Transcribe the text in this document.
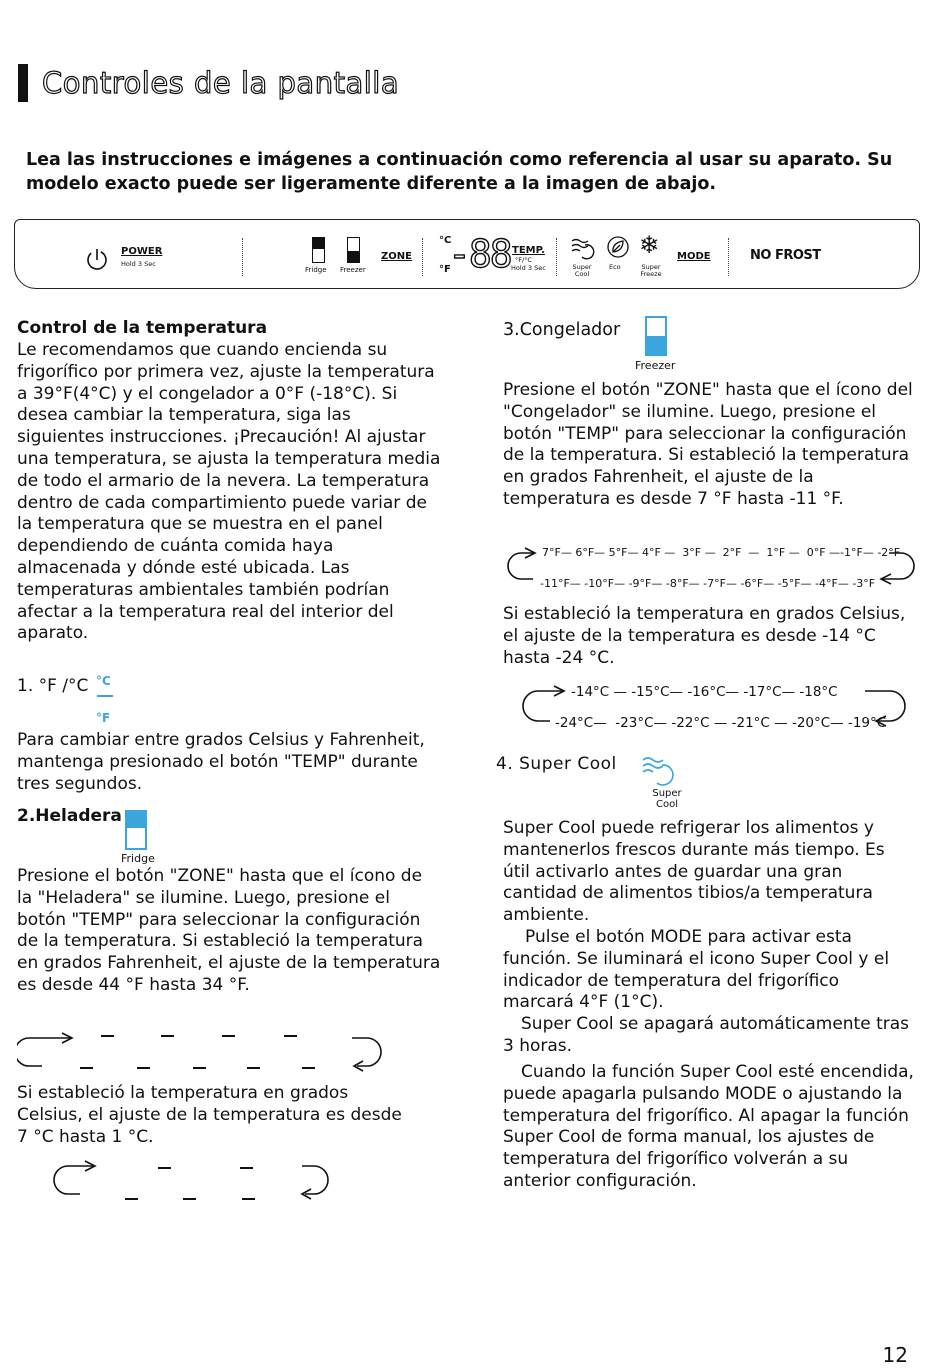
Controles de la pantalla
Lea las instrucciones e imágenes a continuación como referencia al usar su aparato. Su modelo exacto puede ser ligeramente diferente a la imagen de abajo.
POWER
Hold 3 Sec
Fridge Freezer
ZONE
°C
°F
-88 TEMP.
°F/°C
Hold 3 Sec
❄
Super Cool
Eco	Super Freeze
MODE	NO FROST
Control de la temperatura
Le recomendamos que cuando encienda su frigorífico por primera vez, ajuste la temperatura a 39°F(4°C) y el congelador a 0°F (-18°C). Si desea cambiar la temperatura, siga las siguientes instrucciones. ¡Precaución! Al ajustar una temperatura, se ajusta la temperatura media de todo el armario de la nevera. La temperatura dentro de cada compartimiento puede variar de la temperatura que se muestra en el panel dependiendo de cuánta comida haya almacenada y dónde esté ubicada. Las temperaturas ambientales también podrían afectar a la temperatura real del interior del aparato.
1. °F /°C °C
°F
Para cambiar entre grados Celsius y Fahrenheit, mantenga presionado el botón "TEMP" durante tres segundos.
2.Heladera
Fridge
Presione el botón "ZONE" hasta que el ícono de la "Heladera" se ilumine. Luego, presione el botón "TEMP" para seleccionar la configuración de la temperatura. Si estableció la temperatura en grados Fahrenheit, el ajuste de la temperatura es desde 44 °F hasta 34 °F.
Si estableció la temperatura en grados Celsius, el ajuste de la temperatura es desde 7 °C hasta 1 °C.
3.Congelador
Freezer
Presione el botón "ZONE" hasta que el ícono del "Congelador" se ilumine. Luego, presione el botón "TEMP" para seleccionar la configuración de la temperatura. Si estableció la temperatura en grados Fahrenheit, el ajuste de la temperatura es desde 7 °F hasta -11 °F.
7°F— 6°F— 5°F— 4°F —  3°F —  2°F  —  1°F —  0°F —-1°F— -2°F
-11°F— -10°F— -9°F— -8°F— -7°F— -6°F— -5°F— -4°F— -3°F
Si estableció la temperatura en grados Celsius, el ajuste de la temperatura es desde -14 °C hasta -24 °C.
-14°C — -15°C— -16°C— -17°C— -18°C
-24°C—  -23°C— -22°C — -21°C — -20°C— -19°C
4. Super Cool
Super Cool
Super Cool puede refrigerar los alimentos y mantenerlos frescos durante más tiempo. Es útil activarlo antes de guardar una gran cantidad de alimentos tibios/a temperatura ambiente.
Pulse el botón MODE para activar esta función. Se iluminará el icono Super Cool y el indicador de temperatura del frigorífico marcará 4°F (1°C).
Super Cool se apagará automáticamente tras 3 horas.
Cuando la función Super Cool esté encendida, puede apagarla pulsando MODE o ajustando la temperatura del frigorífico. Al apagar la función Super Cool de forma manual, los ajustes de temperatura del frigorífico volverán a su anterior configuración.
12
